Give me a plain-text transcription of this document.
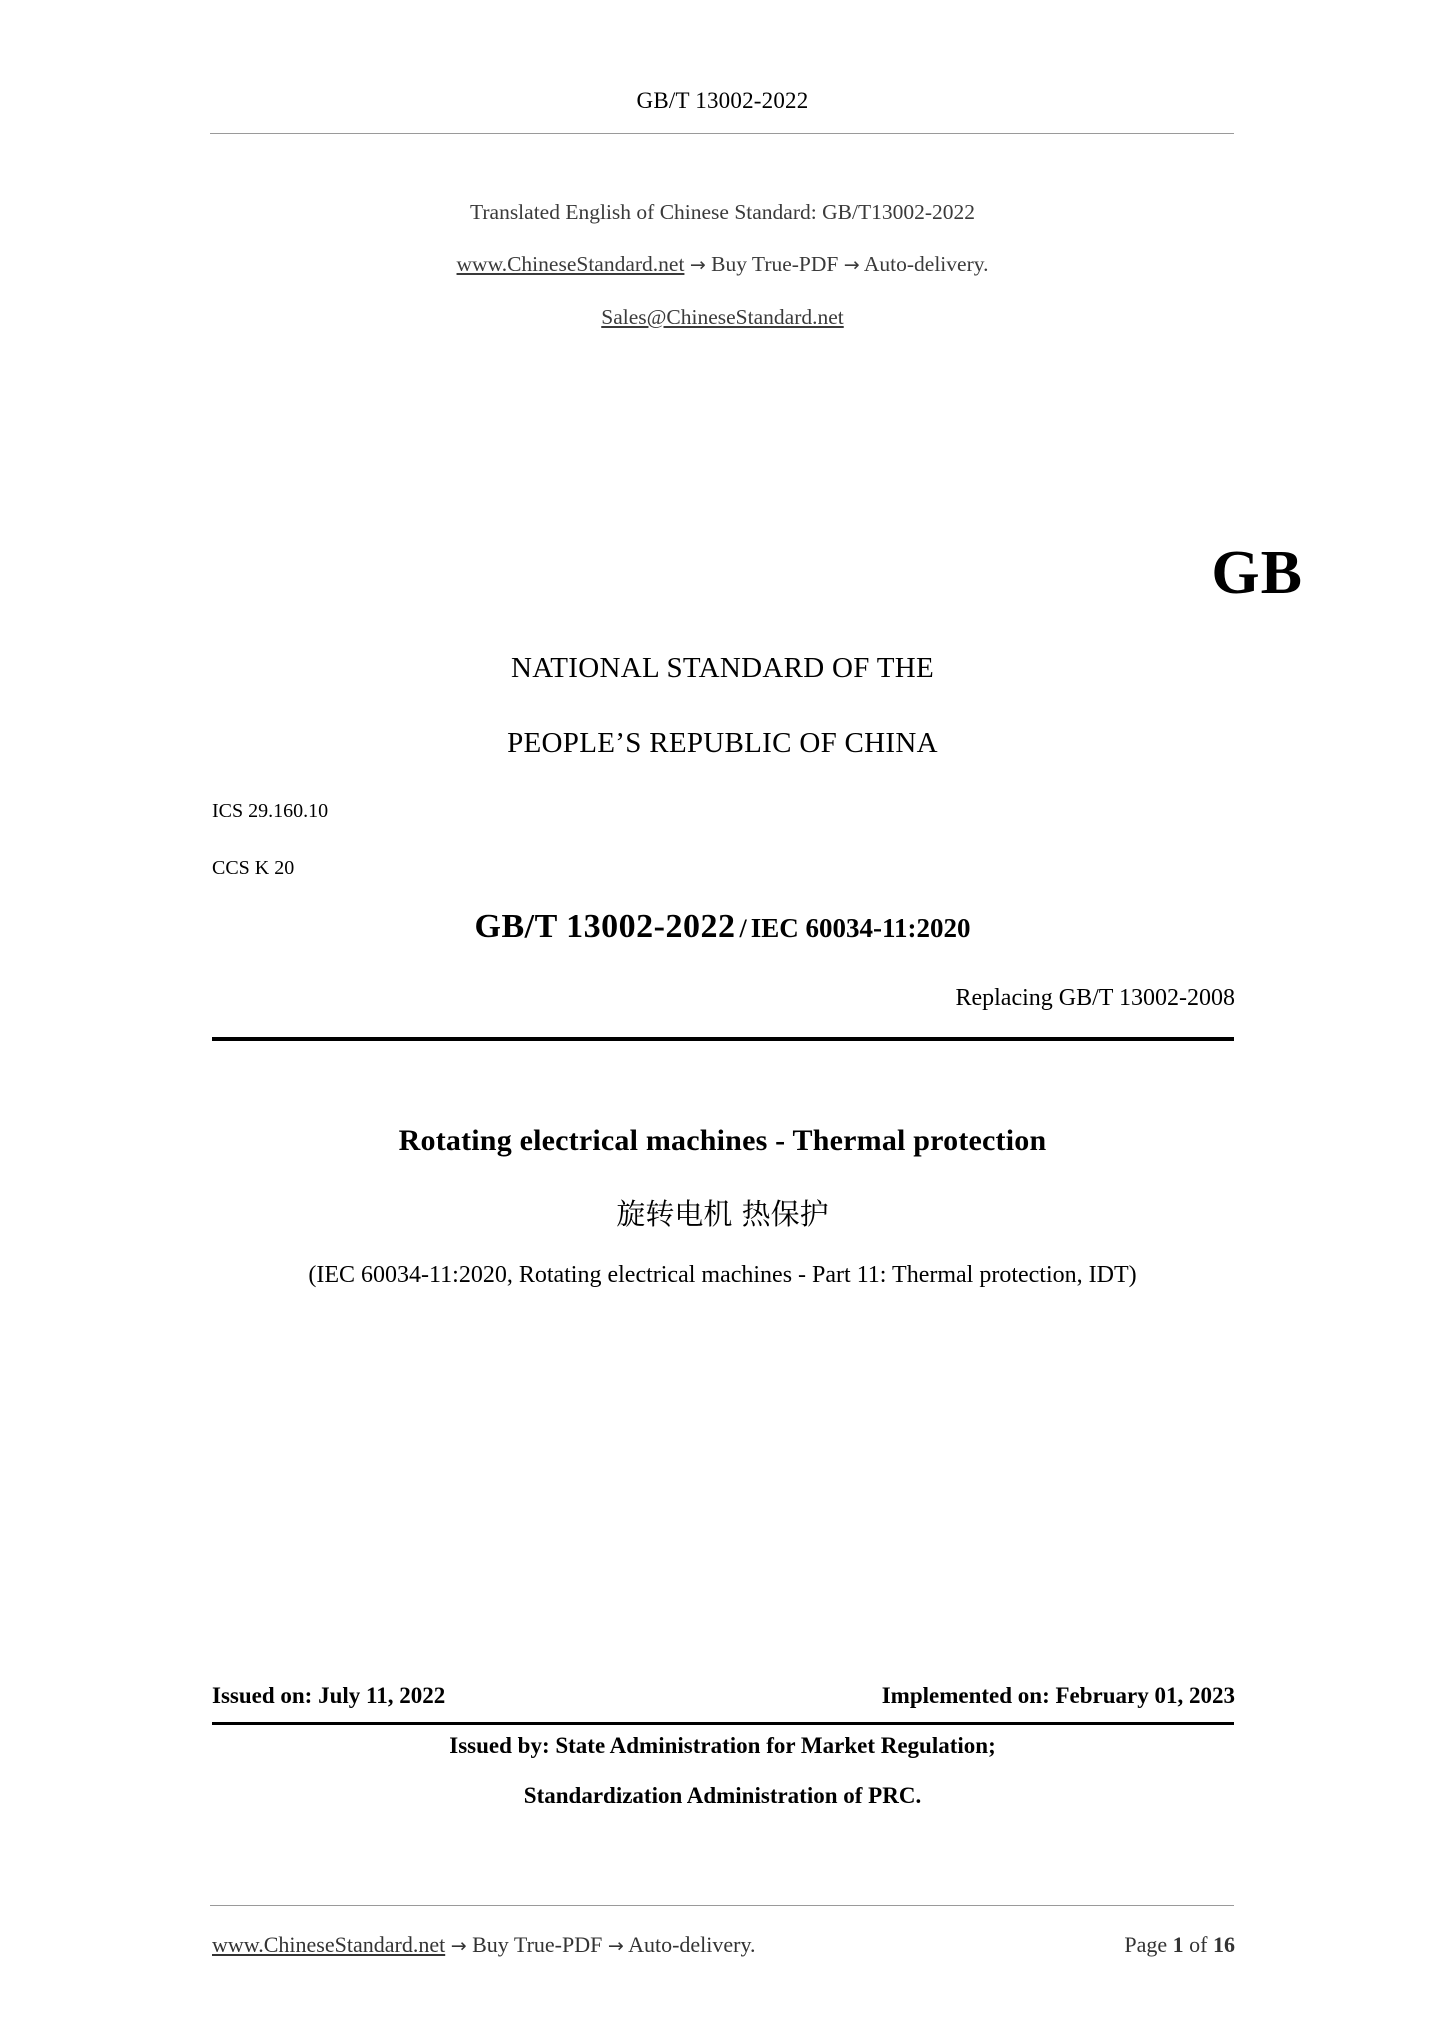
GB/T 13002-2022
Translated English of Chinese Standard: GB/T13002-2022
www.ChineseStandard.net → Buy True-PDF → Auto-delivery.
Sales@ChineseStandard.net
GB
NATIONAL STANDARD OF THE
PEOPLE’S REPUBLIC OF CHINA
ICS 29.160.10
CCS K 20
GB/T 13002-2022 / IEC 60034-11:2020
Replacing GB/T 13002-2008
Rotating electrical machines - Thermal protection
旋转电机 热保护
(IEC 60034-11:2020, Rotating electrical machines - Part 11: Thermal protection, IDT)
Issued on: July 11, 2022	Implemented on: February 01, 2023
Issued by: State Administration for Market Regulation;
Standardization Administration of PRC.
www.ChineseStandard.net → Buy True-PDF → Auto-delivery.	Page 1 of 16
